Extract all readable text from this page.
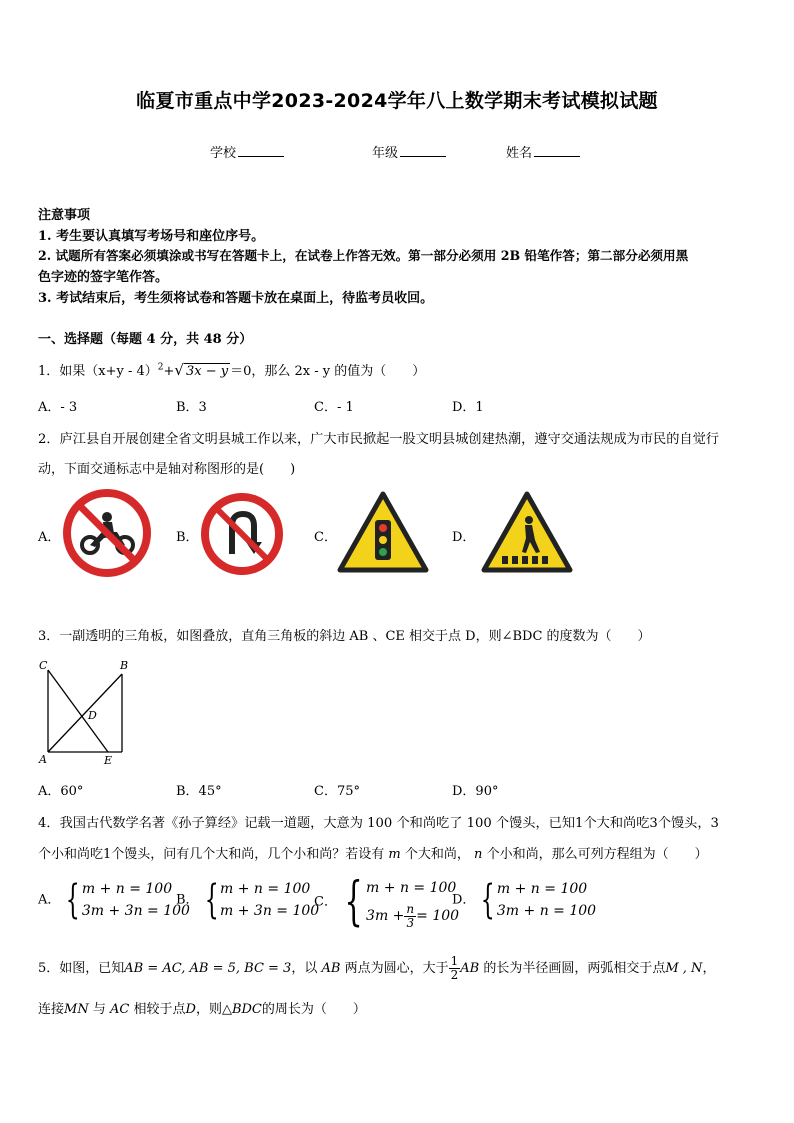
临夏市重点中学2023-2024学年八上数学期末考试模拟试题
学校	年级	姓名
注意事项
1. 考生要认真填写考场号和座位序号。
2. 试题所有答案必须填涂或书写在答题卡上，在试卷上作答无效。第一部分必须用 2B 铅笔作答；第二部分必须用黑
色字迹的签字笔作答。
3. 考试结束后，考生须将试卷和答题卡放在桌面上，待监考员收回。
一、选择题（每题 4 分，共 48 分）
1．如果$(x+y - 4)^2+√$ 3x − y ＝0，那么 2x - y 的值为（　　）
A．- 3	B．3	C．- 1	D．1
2．庐江县自开展创建全省文明县城工作以来，广大市民掀起一股文明县城创建热潮，遵守交通法规成为市民的自觉行
动，下面交通标志中是轴对称图形的是(　　)
A．	B．	C．	D．
3．一副透明的三角板，如图叠放，直角三角板的斜边 AB 、CE 相交于点 D，则∠BDC 的度数为（　　）
C	B
D
A	E
A．60°	B．45°	C．75°	D．90°
4．我国古代数学名著《孙子算经》记载一道题，大意为 100 个和尚吃了 100 个馒头，已知1个大和尚吃3个馒头，3
个小和尚吃1个馒头，问有几个大和尚，几个小和尚？若设有 m 个大和尚， n 个小和尚，那么可列方程组为（　　）
A． { m + n = 100
3m + 3n = 100
B． { m + n = 100
m + 3n = 100
C． { m + n = 100
$3m + \frac{n}{3} = 100$
D． { m + n = 100
3m + n = 100
5．如图，已知AB = AC, AB = 5, BC = 3，以 AB 两点为圆心，大于 $\frac{1}{2}$ AB 的长为半径画圆，两弧相交于点M , N，
连接MN 与 AC 相较于点D，则△BDC的周长为（　　）
